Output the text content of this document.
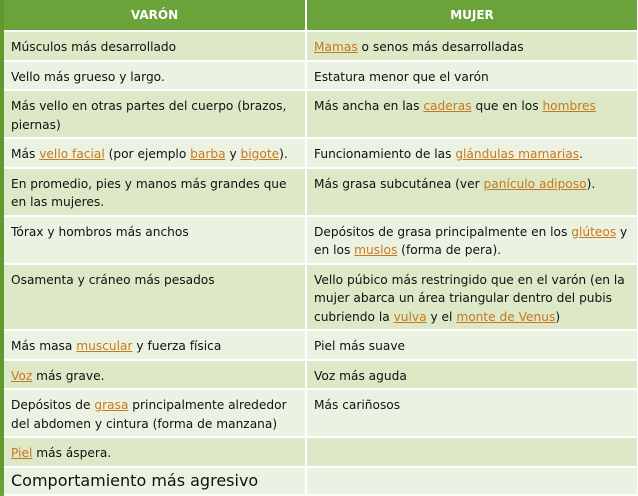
VARÓN	MUJER
Músculos más desarrollado	Mamas o senos más desarrolladas
Vello más grueso y largo.	Estatura menor que el varón
Más vello en otras partes del cuerpo (brazos, piernas)	Más ancha en las caderas que en los hombres
Más vello facial (por ejemplo barba y bigote).	Funcionamiento de las glándulas mamarias.
En promedio, pies y manos más grandes que en las mujeres.	Más grasa subcutánea (ver panículo adiposo).
Tórax y hombros más anchos	Depósitos de grasa principalmente en los glúteos y en los muslos (forma de pera).
Osamenta y cráneo más pesados	Vello púbico más restringido que en el varón (en la mujer abarca un área triangular dentro del pubis cubriendo la vulva y el monte de Venus)
Más masa muscular y fuerza física	Piel más suave
Voz más grave.	Voz más aguda
Depósitos de grasa principalmente alrededor del abdomen y cintura (forma de manzana)	Más cariñosos
Piel más áspera.	
Comportamiento más agresivo	
